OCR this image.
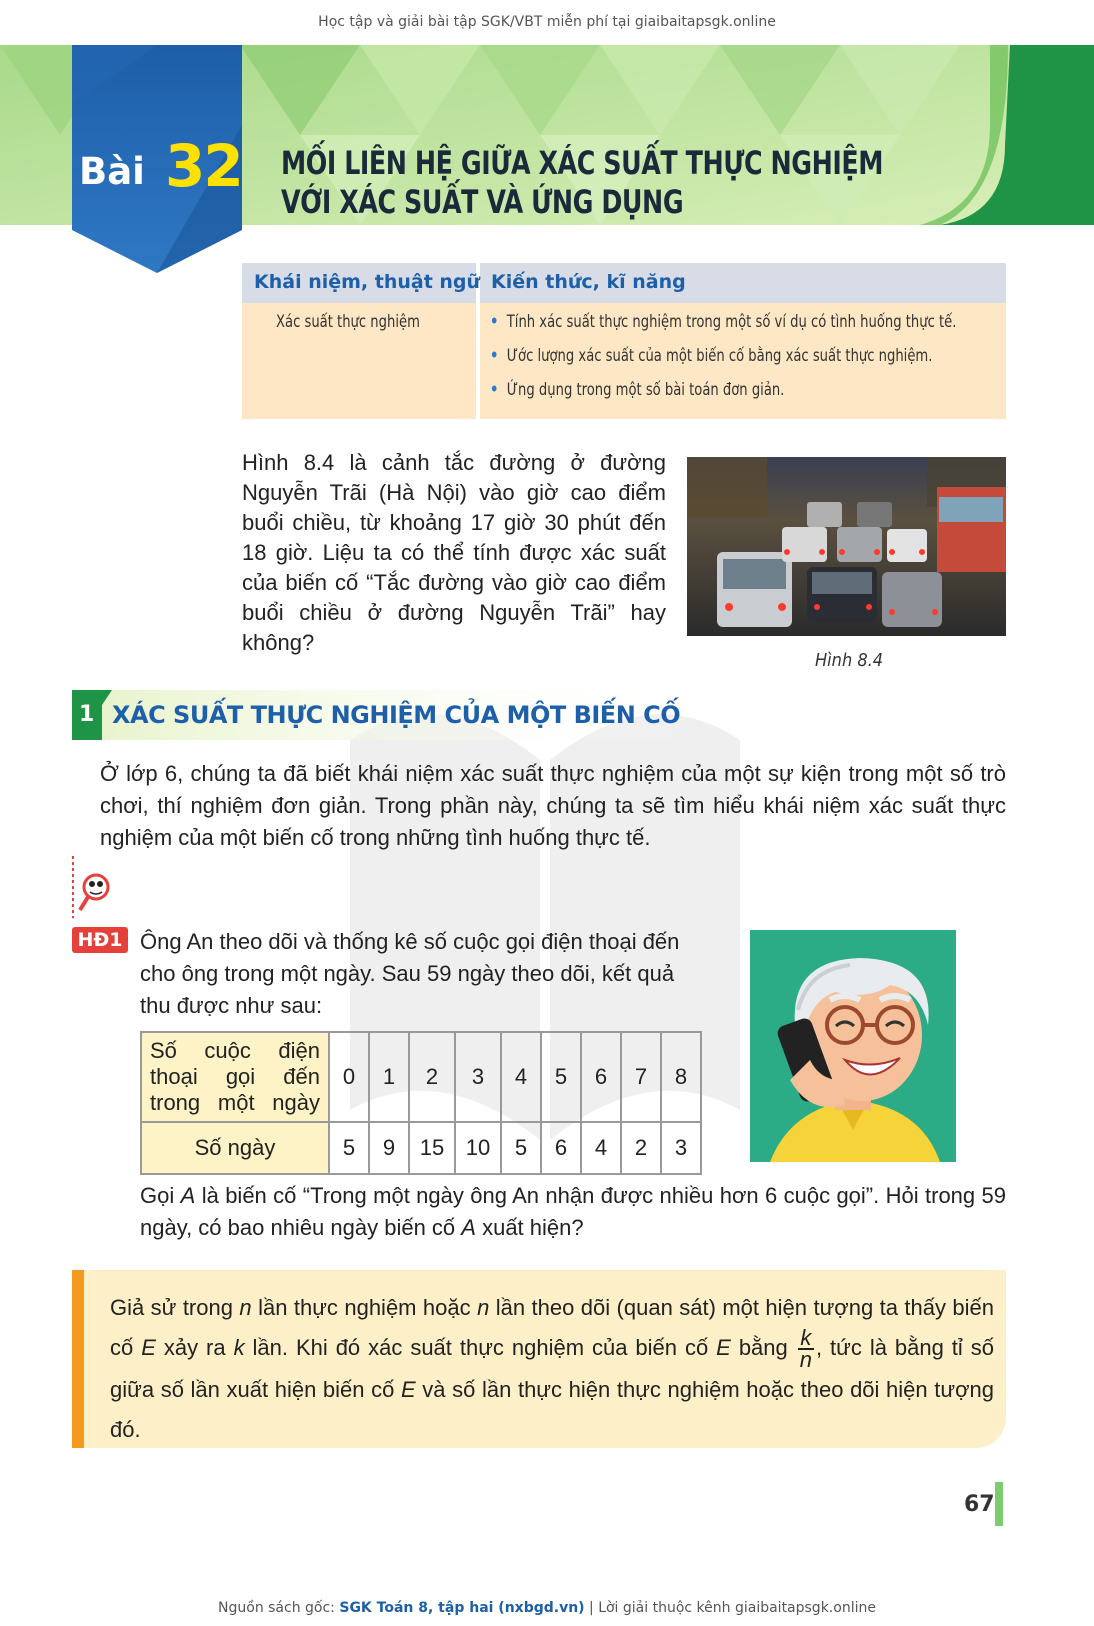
Học tập và giải bài tập SGK/VBT miễn phí tại giaibaitapsgk.online
Bài 32 MỐI LIÊN HỆ GIỮA XÁC SUẤT THỰC NGHIỆM
VỚI XÁC SUẤT VÀ ỨNG DỤNG
Khái niệm, thuật ngữ Kiến thức, kĩ năng
Xác suất thực nghiệm	• Tính xác suất thực nghiệm trong một số ví dụ có tình huống thực tế.
• Ước lượng xác suất của một biến cố bằng xác suất thực nghiệm.
• Ứng dụng trong một số bài toán đơn giản.
Hình 8.4 là cảnh tắc đường ở đường Nguyễn Trãi (Hà Nội) vào giờ cao điểm buổi chiều, từ khoảng 17 giờ 30 phút đến 18 giờ. Liệu ta có thể tính được xác suất của biến cố “Tắc đường vào giờ cao điểm buổi chiều ở đường Nguyễn Trãi” hay không?
Hình 8.4
1 XÁC SUẤT THỰC NGHIỆM CỦA MỘT BIẾN CỐ
Ở lớp 6, chúng ta đã biết khái niệm xác suất thực nghiệm của một sự kiện trong một số trò chơi, thí nghiệm đơn giản. Trong phần này, chúng ta sẽ tìm hiểu khái niệm xác suất thực nghiệm của một biến cố trong những tình huống thực tế.
HĐ1 Ông An theo dõi và thống kê số cuộc gọi điện thoại đến cho ông trong một ngày. Sau 59 ngày theo dõi, kết quả thu được như sau:
Số cuộc điện thoại gọi đến trong một ngày	0	1	2	3	4	5	6	7	8
Số ngày	5	9	15	10	5	6	4	2	3
Gọi A là biến cố “Trong một ngày ông An nhận được nhiều hơn 6 cuộc gọi”. Hỏi trong 59 ngày, có bao nhiêu ngày biến cố A xuất hiện?
Giả sử trong n lần thực nghiệm hoặc n lần theo dõi (quan sát) một hiện tượng ta thấy biến cố E xảy ra k lần. Khi đó xác suất thực nghiệm của biến cố E bằng $\frac{k}{n}$ , tức là bằng tỉ số giữa số lần xuất hiện biến cố E và số lần thực hiện thực nghiệm hoặc theo dõi hiện tượng đó.
67
Nguồn sách gốc: SGK Toán 8, tập hai (nxbgd.vn) | Lời giải thuộc kênh giaibaitapsgk.online
